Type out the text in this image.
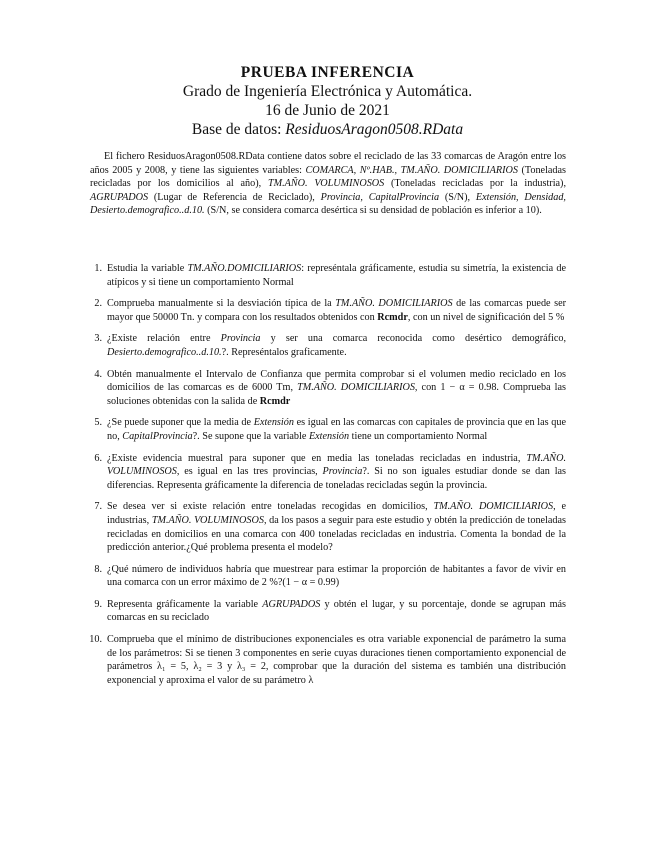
PRUEBA INFERENCIA
Grado de Ingeniería Electrónica y Automática.
16 de Junio de 2021
Base de datos: ResiduosAragon0508.RData

El fichero ResiduosAragon0508.RData contiene datos sobre el reciclado de las 33 comarcas de Aragón entre los años 2005 y 2008, y tiene las siguientes variables: COMARCA, Nº.HAB., TM.AÑO. DOMICILIARIOS (Toneladas recicladas por los domicilios al año), TM.AÑO. VOLUMINOSOS (Toneladas recicladas por la industria), AGRUPADOS (Lugar de Referencia de Reciclado), Provincia, CapitalProvincia (S/N), Extensión, Densidad, Desierto.demografico..d.10. (S/N, se considera comarca desértica si su densidad de población es inferior a 10).

1. Estudia la variable TM.AÑO.DOMICILIARIOS: represéntala gráficamente, estudia su simetría, la existencia de atípicos y si tiene un comportamiento Normal
2. Comprueba manualmente si la desviación típica de la TM.AÑO. DOMICILIARIOS de las comarcas puede ser mayor que 50000 Tn. y compara con los resultados obtenidos con Rcmdr, con un nivel de significación del 5 %
3. ¿Existe relación entre Provincia y ser una comarca reconocida como desértico demográfico, Desierto.demografico..d.10.?. Represéntalos graficamente.
4. Obtén manualmente el Intervalo de Confianza que permita comprobar si el volumen medio reciclado en los domicilios de las comarcas es de 6000 Tm, TM.AÑO. DOMICILIARIOS, con 1 − α = 0.98. Comprueba las soluciones obtenidas con la salida de Rcmdr
5. ¿Se puede suponer que la media de Extensión es igual en las comarcas con capitales de provincia que en las que no, CapitalProvincia?. Se supone que la variable Extensión tiene un comportamiento Normal
6. ¿Existe evidencia muestral para suponer que en media las toneladas recicladas en industria, TM.AÑO. VOLUMINOSOS, es igual en las tres provincias, Provincia?. Si no son iguales estudiar donde se dan las diferencias. Representa gráficamente la diferencia de toneladas recicladas según la provincia.
7. Se desea ver si existe relación entre toneladas recogidas en domicilios, TM.AÑO. DOMICILIARIOS, e industrias, TM.AÑO. VOLUMINOSOS, da los pasos a seguir para este estudio y obtén la predicción de toneladas recicladas en domicilios en una comarca con 400 toneladas recicladas en industria. Comenta la bondad de la predicción anterior.¿Qué problema presenta el modelo?
8. ¿Qué número de individuos habría que muestrear para estimar la proporción de habitantes a favor de vivir en una comarca con un error máximo de 2 %?(1 − α = 0.99)
9. Representa gráficamente la variable AGRUPADOS y obtén el lugar, y su porcentaje, donde se agrupan más comarcas en su reciclado
10. Comprueba que el mínimo de distribuciones exponenciales es otra variable exponencial de parámetro la suma de los parámetros: Si se tienen 3 componentes en serie cuyas duraciones tienen comportamiento exponencial de parámetros λ₁ = 5, λ₂ = 3 y λ₃ = 2, comprobar que la duración del sistema es también una distribución exponencial y aproxima el valor de su parámetro λ
